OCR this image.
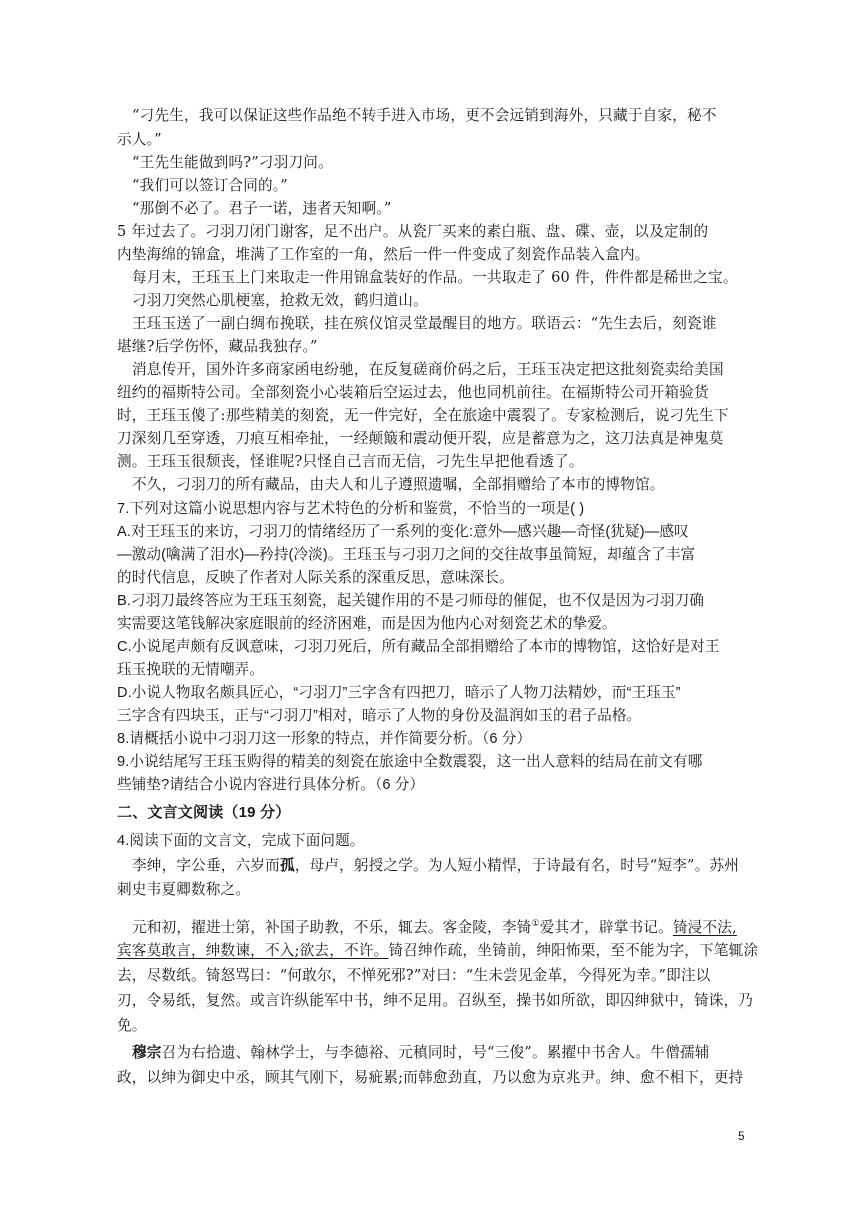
“刁先生，我可以保证这些作品绝不转手进入市场，更不会远销到海外，只藏于自家，秘不
示人。”
“王先生能做到吗?”刁羽刀问。
“我们可以签订合同的。”
“那倒不必了。君子一诺，违者天知啊。”
5 年过去了。刁羽刀闭门谢客，足不出户。从瓷厂买来的素白瓶、盘、碟、壶，以及定制的
内垫海绵的锦盒，堆满了工作室的一角，然后一件一件变成了刻瓷作品装入盒内。
每月末，王珏玉上门来取走一件用锦盒装好的作品。一共取走了 60 件，件件都是稀世之宝。
刁羽刀突然心肌梗塞，抢救无效，鹤归道山。
王珏玉送了一副白绸布挽联，挂在殡仪馆灵堂最醒目的地方。联语云：“先生去后，刻瓷谁
堪继?后学伤怀，藏品我独存。”
消息传开，国外许多商家函电纷驰，在反复磋商价码之后，王珏玉决定把这批刻瓷卖给美国
纽约的福斯特公司。全部刻瓷小心装箱后空运过去，他也同机前往。在福斯特公司开箱验货
时，王珏玉傻了:那些精美的刻瓷，无一件完好，全在旅途中震裂了。专家检测后，说刁先生下
刀深刻几至穿透，刀痕互相牵扯，一经颠簸和震动便开裂，应是蓄意为之，这刀法真是神鬼莫
测。王珏玉很颓丧，怪谁呢?只怪自己言而无信，刁先生早把他看透了。
不久，刁羽刀的所有藏品，由夫人和儿子遵照遗嘱，全部捐赠给了本市的博物馆。
7.下列对这篇小说思想内容与艺术特色的分析和鉴赏，不恰当的一项是( )
A.对王珏玉的来访，刁羽刀的情绪经历了一系列的变化:意外—感兴趣—奇怪(犹疑)—感叹
—激动(噙满了泪水)—矜持(冷淡)。王珏玉与刁羽刀之间的交往故事虽简短，却蕴含了丰富
的时代信息，反映了作者对人际关系的深重反思，意味深长。
B.刁羽刀最终答应为王珏玉刻瓷，起关键作用的不是刁师母的催促，也不仅是因为刁羽刀确
实需要这笔钱解决家庭眼前的经济困难，而是因为他内心对刻瓷艺术的挚爱。
C.小说尾声颇有反讽意味，刁羽刀死后，所有藏品全部捐赠给了本市的博物馆，这恰好是对王
珏玉挽联的无情嘲弄。
D.小说人物取名颇具匠心，“刁羽刀”三字含有四把刀，暗示了人物刀法精妙，而“王珏玉”
三字含有四块玉，正与“刁羽刀”相对，暗示了人物的身份及温润如玉的君子品格。
8.请概括小说中刁羽刀这一形象的特点，并作简要分析。（6 分）
9.小说结尾写王珏玉购得的精美的刻瓷在旅途中全数震裂，这一出人意料的结局在前文有哪
些铺垫?请结合小说内容进行具体分析。（6 分）
二、文言文阅读（19 分）
4.阅读下面的文言文，完成下面问题。
李绅，字公垂，六岁而孤，母卢，躬授之学。为人短小精悍，于诗最有名，时号“短李”。苏州
刺史韦夏卿数称之。
元和初，擢进士第，补国子助教，不乐，辄去。客金陵，李锜①爱其才，辟掌书记。锜浸不法,
宾客莫敢言，绅数谏，不入;欲去，不许。锜召绅作疏，坐锜前，绅阳怖栗，至不能为字，下笔辄涂
去，尽数纸。锜怒骂曰：“何敢尔，不惮死邪?”对曰：“生未尝见金革，今得死为幸。”即注以
刃，令易纸，复然。或言许纵能军中书，绅不足用。召纵至，操书如所欲，即囚绅狱中，锜诛，乃
免。
穆宗召为右拾遗、翰林学士，与李德裕、元稹同时，号“三俊”。累擢中书舍人。牛僧孺辅
政，以绅为御史中丞，顾其气刚下，易疵累;而韩愈劲直，乃以愈为京兆尹。绅、愈不相下，更持
5
